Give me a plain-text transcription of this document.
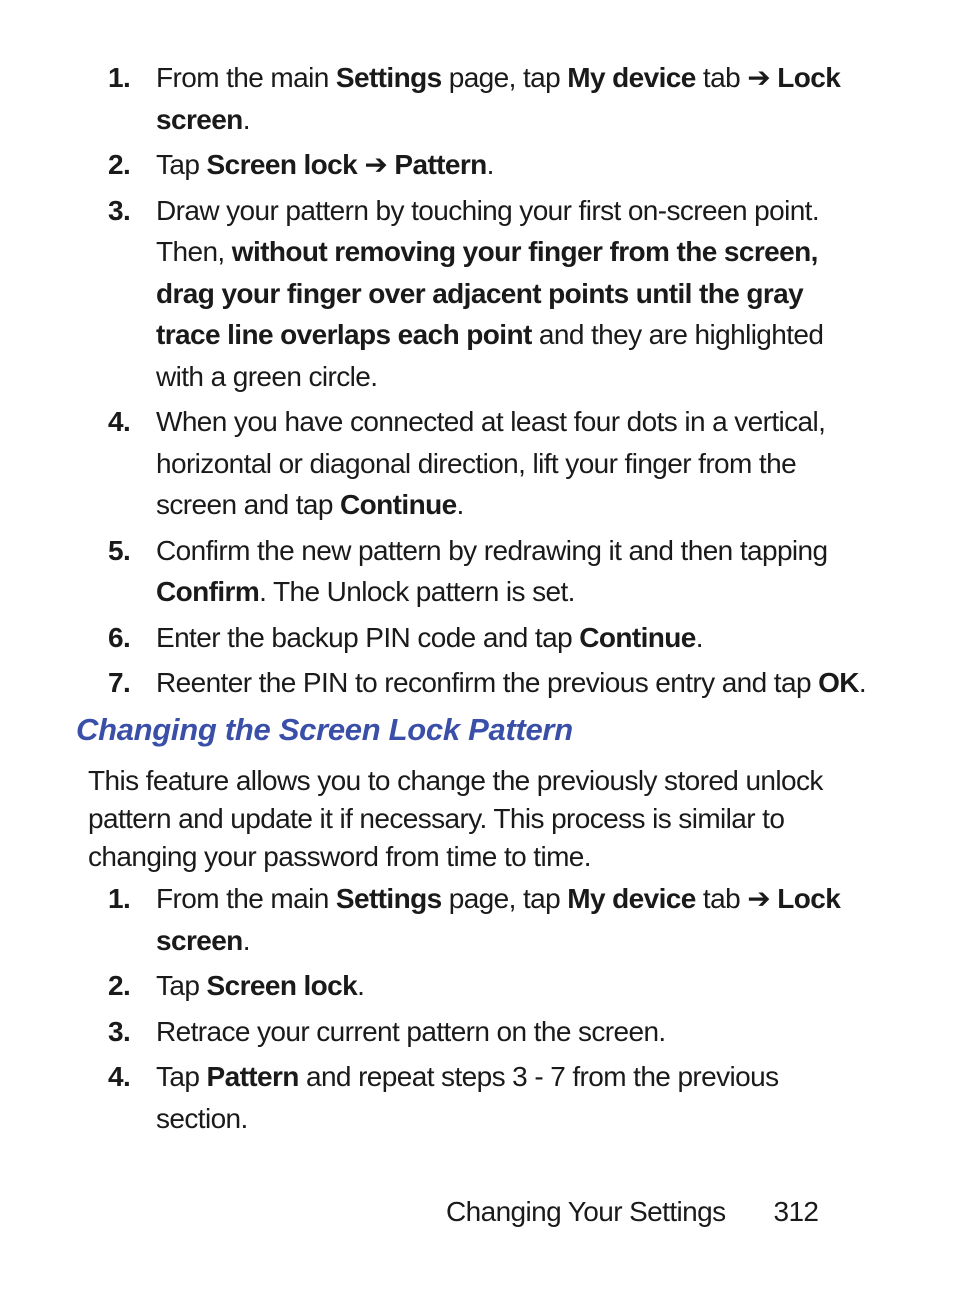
1. From the main Settings page, tap My device tab ➔ Lock screen.
2. Tap Screen lock ➔ Pattern.
3. Draw your pattern by touching your first on-screen point. Then, without removing your finger from the screen, drag your finger over adjacent points until the gray trace line overlaps each point and they are highlighted with a green circle.
4. When you have connected at least four dots in a vertical, horizontal or diagonal direction, lift your finger from the screen and tap Continue.
5. Confirm the new pattern by redrawing it and then tapping Confirm. The Unlock pattern is set.
6. Enter the backup PIN code and tap Continue.
7. Reenter the PIN to reconfirm the previous entry and tap OK.
Changing the Screen Lock Pattern
This feature allows you to change the previously stored unlock
pattern and update it if necessary. This process is similar to
changing your password from time to time.
1. From the main Settings page, tap My device tab ➔ Lock screen.
2. Tap Screen lock.
3. Retrace your current pattern on the screen.
4. Tap Pattern and repeat steps 3 - 7 from the previous section.
Changing Your Settings 312
